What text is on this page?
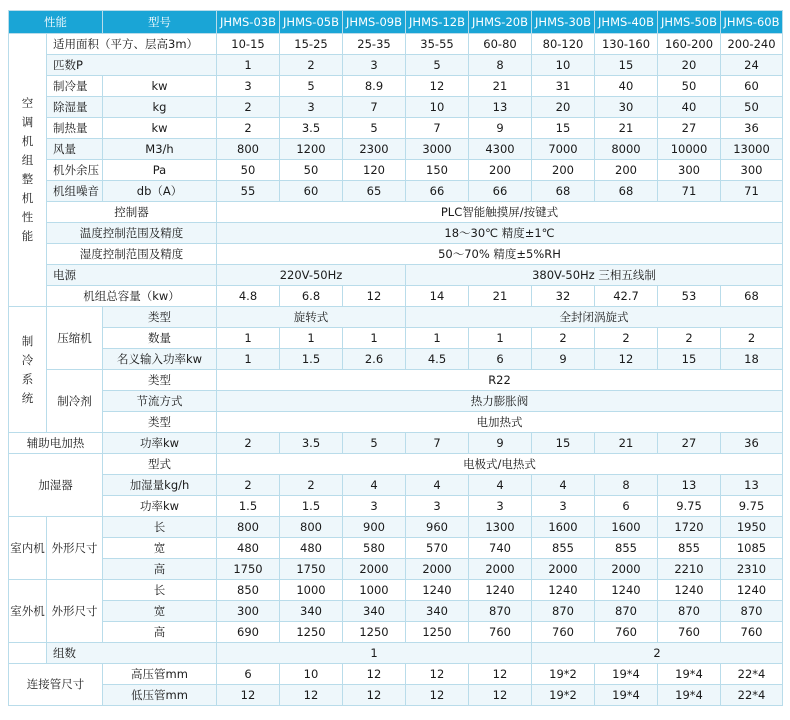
性能		型号	JHMS-03B	JHMS-05B	JHMS-09B	JHMS-12B	JHMS-20B	JHMS-30B	JHMS-40B	JHMS-50B	JHMS-60B

空调机组整机性能	适用面积（平方、层高3m）		10-15	15-25	25-35	35-55	60-80	80-120	130-160	160-200	200-240
	匹数P		1	2	3	5	8	10	15	20	24
	制冷量	kw	3	5	8.9	12	21	31	40	50	60
	除湿量	kg	2	3	7	10	13	20	30	40	50
	制热量	kw	2	3.5	5	7	9	15	21	27	36
	风量	M3/h	800	1200	2300	3000	4300	7000	8000	10000	13000
	机外余压	Pa	50	50	120	150	200	200	200	300	300
	机组噪音	db（A）	55	60	65	66	66	68	68	71	71
	控制器		PLC智能触摸屏/按键式								
	温度控制范围及精度		18～30℃ 精度±1℃								
	湿度控制范围及精度		50～70% 精度±5%RH								
	电源		220V-50Hz			380V-50Hz 三相五线制					
	机组总容量（kw）		4.8	6.8	12	14	21	32	42.7	53	68

制冷系统	压缩机	类型	旋转式			全封闭涡旋式					
		数量	1	1	1	1	1	2	2	2	2
		名义输入功率kw	1	1.5	2.6	4.5	6	9	12	15	18
	制冷剂	类型	R22								
		节流方式	热力膨胀阀								
		类型	电加热式								
辅助电加热		功率kw	2	3.5	5	7	9	15	21	27	36
加湿器		型式	电极式/电热式								
		加湿量kg/h	2	2	4	4	4	4	8	13	13
		功率kw	1.5	1.5	3	3	3	3	6	9.75	9.75
室内机	外形尺寸	长	800	800	900	960	1300	1600	1600	1720	1950
		宽	480	480	580	570	740	855	855	855	1085
		高	1750	1750	2000	2000	2000	2000	2000	2210	2310
室外机	外形尺寸	长	850	1000	1000	1240	1240	1240	1240	1240	1240
		宽	300	340	340	340	870	870	870	870	870
		高	690	1250	1250	1250	760	760	760	760	760
	组数		1					2			
连接管尺寸		高压管mm	6	10	12	12	12	19*2	19*4	19*4	22*4
		低压管mm	12	12	12	12	12	19*2	19*4	19*4	22*4
